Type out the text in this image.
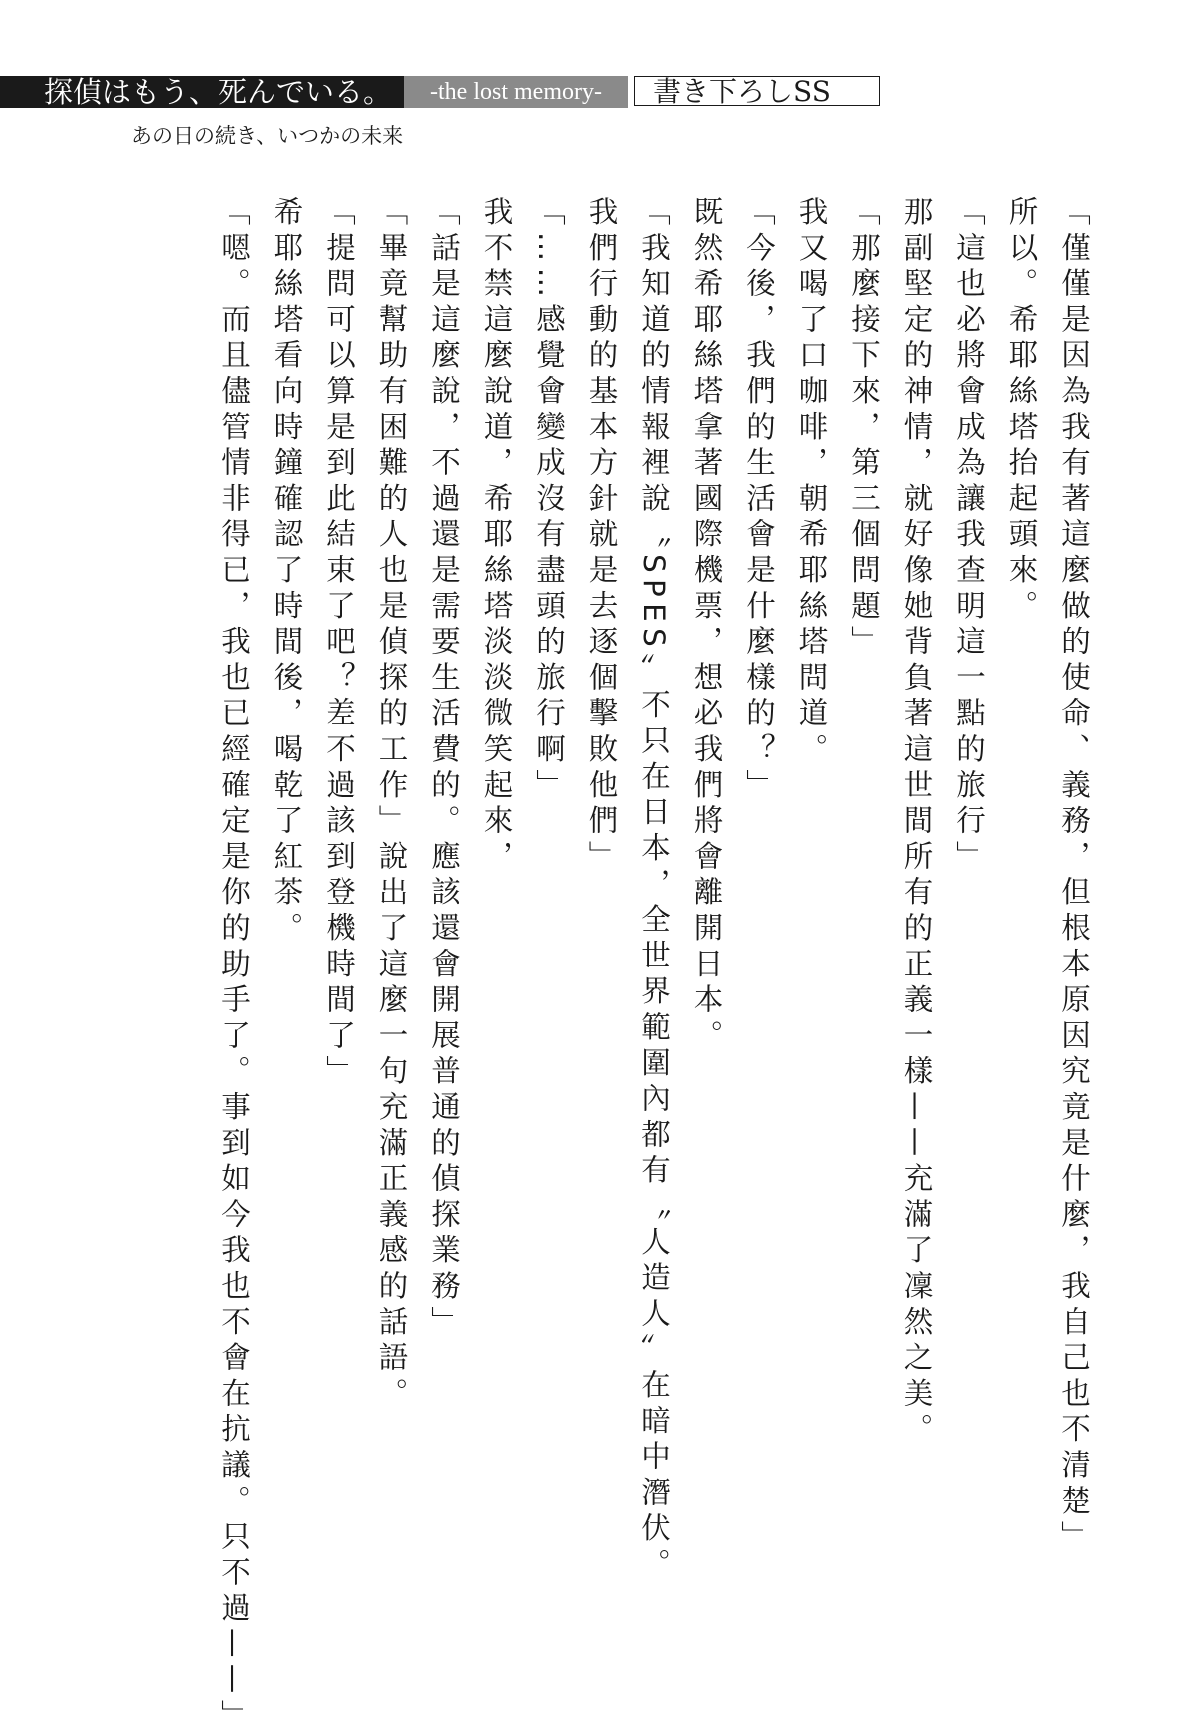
探偵はもう、死んでいる。	-the lost memory-	書き下ろしSS
あの日の続き、いつかの未来
「僅僅是因為我有著這麼做的使命、義務，但根本原因究竟是什麼，我自己也不清楚」
所以。希耶絲塔抬起頭來。
「這也必將會成為讓我查明這一點的旅行」
那副堅定的神情，就好像她背負著這世間所有的正義一樣——充滿了凜然之美。
「那麼接下來，第三個問題」
我又喝了口咖啡，朝希耶絲塔問道。
「今後，我們的生活會是什麼樣的？」
既然希耶絲塔拿著國際機票，想必我們將會離開日本。
「我知道的情報裡說〝SPES〞不只在日本，全世界範圍內都有〝人造人〞在暗中潛伏。
我們行動的基本方針就是去逐個擊敗他們」
「……感覺會變成沒有盡頭的旅行啊」
我不禁這麼說道，希耶絲塔淡淡微笑起來，
「話是這麼說，不過還是需要生活費的。應該還會開展普通的偵探業務」
「畢竟幫助有困難的人也是偵探的工作」說出了這麼一句充滿正義感的話語。
「提問可以算是到此結束了吧？差不過該到登機時間了」
希耶絲塔看向時鐘確認了時間後，喝乾了紅茶。
「嗯。而且儘管情非得已，我也已經確定是你的助手了。事到如今我也不會在抗議。只不過——」
